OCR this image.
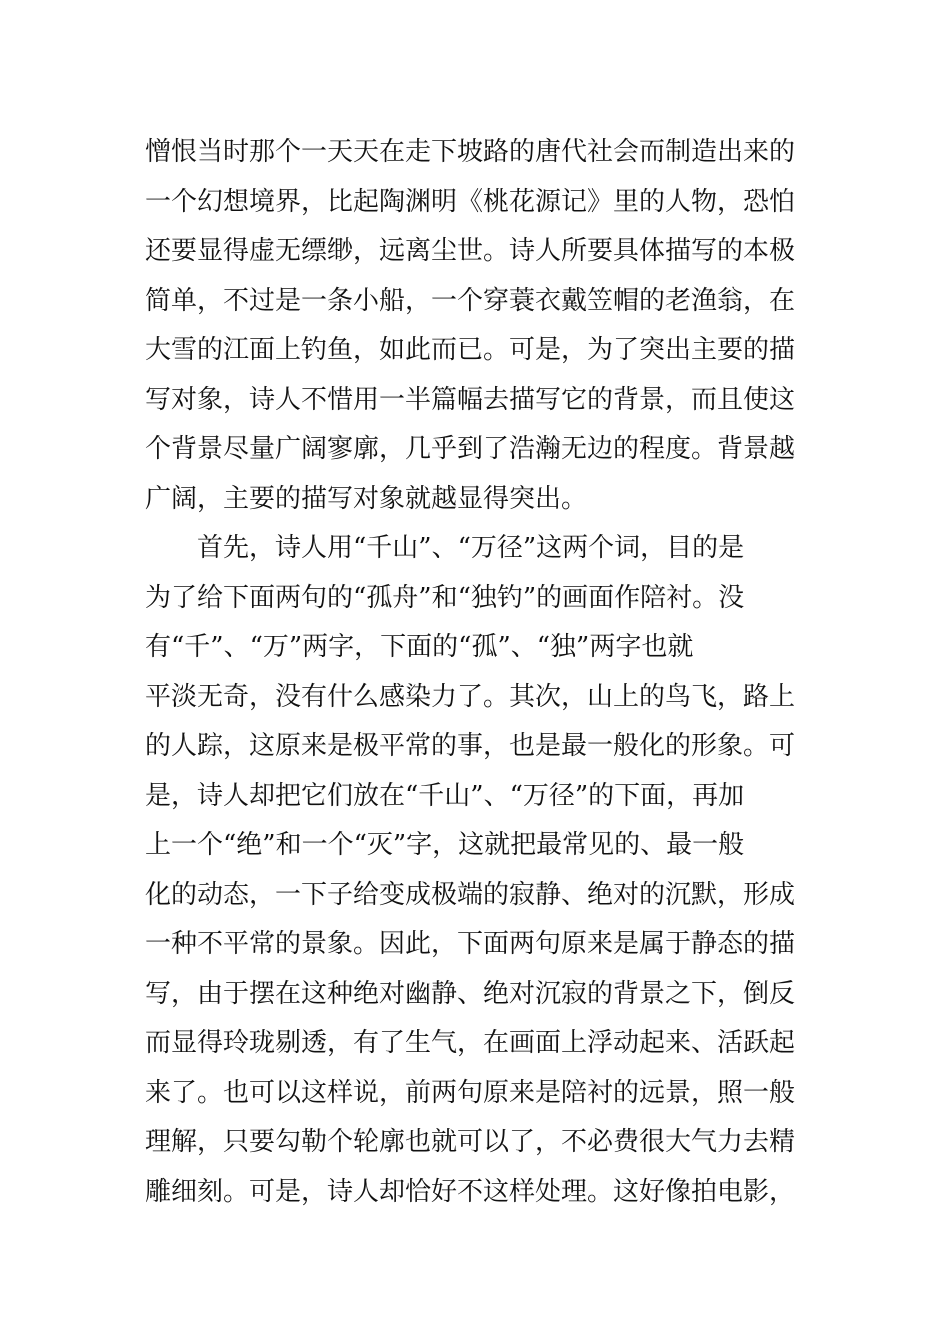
憎恨当时那个一天天在走下坡路的唐代社会而制造出来的
一个幻想境界，比起陶渊明《桃花源记》里的人物，恐怕
还要显得虚无缥缈，远离尘世。诗人所要具体描写的本极
简单，不过是一条小船，一个穿蓑衣戴笠帽的老渔翁，在
大雪的江面上钓鱼，如此而已。可是，为了突出主要的描
写对象，诗人不惜用一半篇幅去描写它的背景，而且使这
个背景尽量广阔寥廓，几乎到了浩瀚无边的程度。背景越
广阔，主要的描写对象就越显得突出。
首先，诗人用“千山”、“万径”这两个词，目的是
为了给下面两句的“孤舟”和“独钓”的画面作陪衬。没
有“千”、“万”两字，下面的“孤”、“独”两字也就
平淡无奇，没有什么感染力了。其次，山上的鸟飞，路上
的人踪，这原来是极平常的事，也是最一般化的形象。可
是，诗人却把它们放在“千山”、“万径”的下面，再加
上一个“绝”和一个“灭”字，这就把最常见的、最一般
化的动态，一下子给变成极端的寂静、绝对的沉默，形成
一种不平常的景象。因此，下面两句原来是属于静态的描
写，由于摆在这种绝对幽静、绝对沉寂的背景之下，倒反
而显得玲珑剔透，有了生气，在画面上浮动起来、活跃起
来了。也可以这样说，前两句原来是陪衬的远景，照一般
理解，只要勾勒个轮廓也就可以了，不必费很大气力去精
雕细刻。可是，诗人却恰好不这样处理。这好像拍电影，
